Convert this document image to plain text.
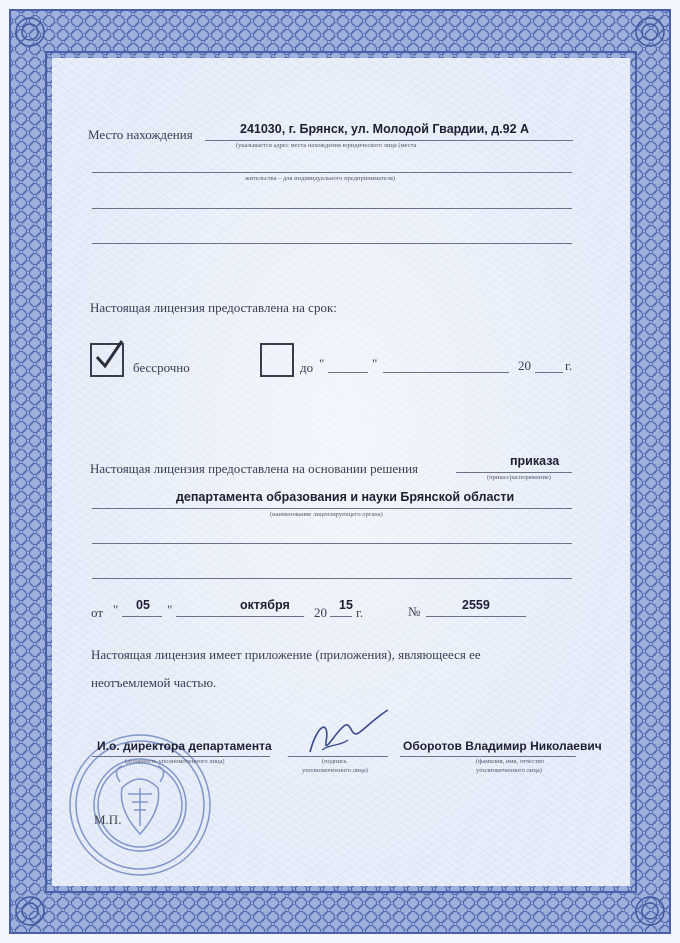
Место нахождения	241030, г. Брянск, ул. Молодой Гвардии, д.92 А
(указывается адрес места нахождения юридического лица (места
жительства – для индивидуального предпринимателя)
Настоящая лицензия предоставлена на срок:
бессрочно	до "	"	20	г.
Настоящая лицензия предоставлена на основании решения	приказа
(приказ/распоряжение)
департамента образования и науки Брянской области
(наименование лицензирующего органа)
от " 05 "	октября 20 15 г.	№	2559
Настоящая лицензия имеет приложение (приложения), являющееся ее
неотъемлемой частью.
М.П.
И.о. директора департамента
(должность уполномоченного лица)	(подпись
уполномоченного лица)
Оборотов Владимир Николаевич
(фамилия, имя, отчество
уполномоченного лица)
